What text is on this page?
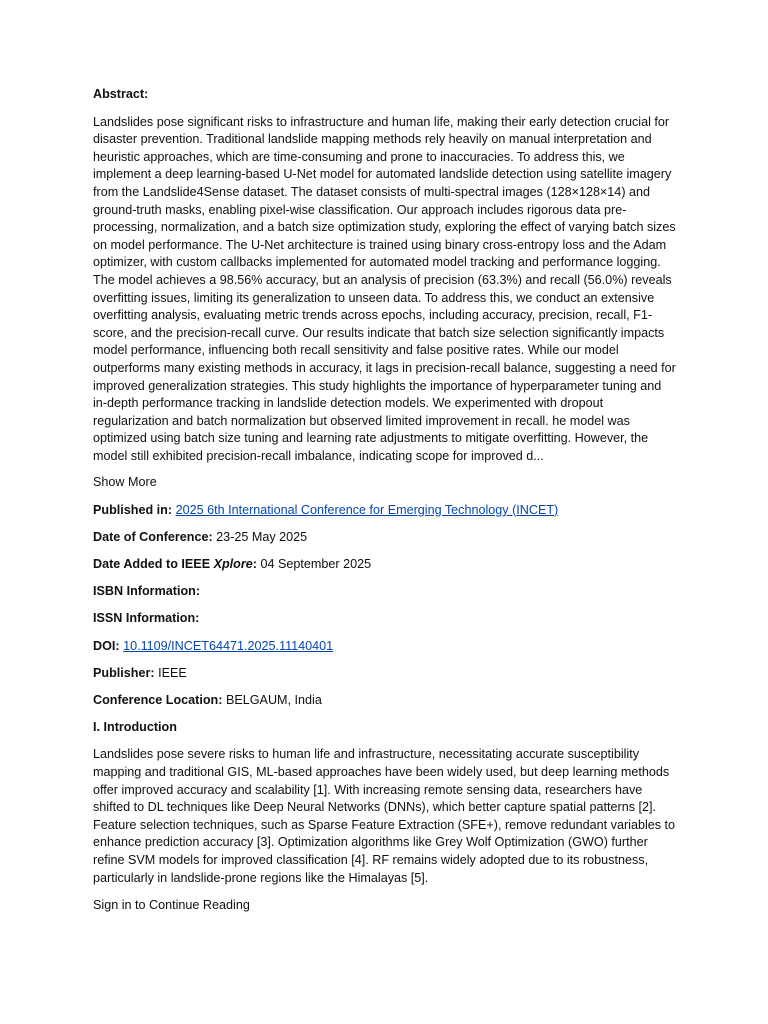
Abstract:

Landslides pose significant risks to infrastructure and human life, making their early detection crucial for disaster prevention. Traditional landslide mapping methods rely heavily on manual interpretation and heuristic approaches, which are time-consuming and prone to inaccuracies. To address this, we implement a deep learning-based U-Net model for automated landslide detection using satellite imagery from the Landslide4Sense dataset. The dataset consists of multi-spectral images (128×128×14) and ground-truth masks, enabling pixel-wise classification. Our approach includes rigorous data pre-processing, normalization, and a batch size optimization study, exploring the effect of varying batch sizes on model performance. The U-Net architecture is trained using binary cross-entropy loss and the Adam optimizer, with custom callbacks implemented for automated model tracking and performance logging. The model achieves a 98.56% accuracy, but an analysis of precision (63.3%) and recall (56.0%) reveals overfitting issues, limiting its generalization to unseen data. To address this, we conduct an extensive overfitting analysis, evaluating metric trends across epochs, including accuracy, precision, recall, F1-score, and the precision-recall curve. Our results indicate that batch size selection significantly impacts model performance, influencing both recall sensitivity and false positive rates. While our model outperforms many existing methods in accuracy, it lags in precision-recall balance, suggesting a need for improved generalization strategies. This study highlights the importance of hyperparameter tuning and in-depth performance tracking in landslide detection models. We experimented with dropout regularization and batch normalization but observed limited improvement in recall. he model was optimized using batch size tuning and learning rate adjustments to mitigate overfitting. However, the model still exhibited precision-recall imbalance, indicating scope for improved d...

Show More

Published in: 2025 6th International Conference for Emerging Technology (INCET)

Date of Conference: 23-25 May 2025

Date Added to IEEE Xplore: 04 September 2025

ISBN Information:

ISSN Information:

DOI: 10.1109/INCET64471.2025.11140401

Publisher: IEEE

Conference Location: BELGAUM, India

I. Introduction

Landslides pose severe risks to human life and infrastructure, necessitating accurate susceptibility mapping and traditional GIS, ML-based approaches have been widely used, but deep learning methods offer improved accuracy and scalability [1]. With increasing remote sensing data, researchers have shifted to DL techniques like Deep Neural Networks (DNNs), which better capture spatial patterns [2]. Feature selection techniques, such as Sparse Feature Extraction (SFE+), remove redundant variables to enhance prediction accuracy [3]. Optimization algorithms like Grey Wolf Optimization (GWO) further refine SVM models for improved classification [4]. RF remains widely adopted due to its robustness, particularly in landslide-prone regions like the Himalayas [5].

Sign in to Continue Reading
